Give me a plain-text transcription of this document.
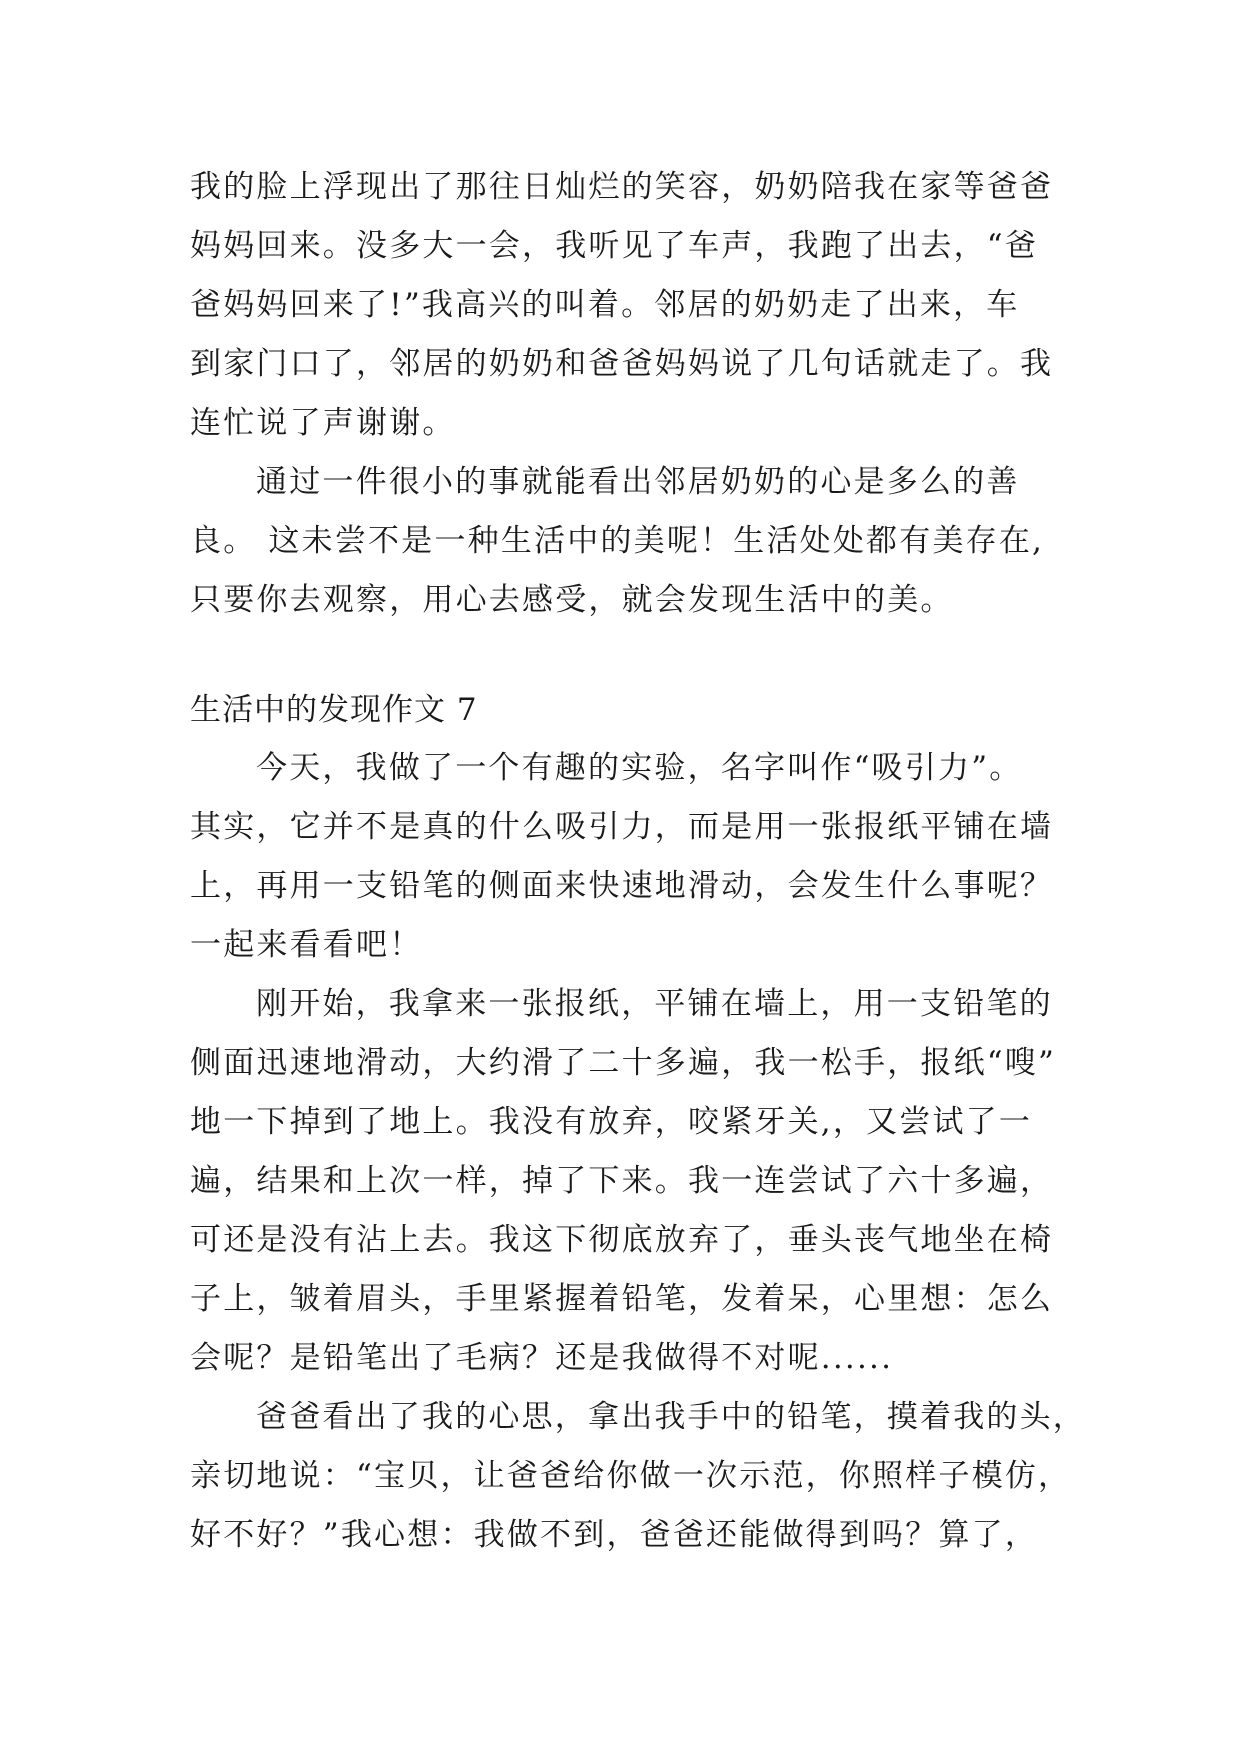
我的脸上浮现出了那往日灿烂的笑容，奶奶陪我在家等爸爸
妈妈回来。没多大一会，我听见了车声，我跑了出去，“爸
爸妈妈回来了!”我高兴的叫着。邻居的奶奶走了出来，车
到家门口了，邻居的奶奶和爸爸妈妈说了几句话就走了。我
连忙说了声谢谢。
通过一件很小的事就能看出邻居奶奶的心是多么的善
良。 这未尝不是一种生活中的美呢！生活处处都有美存在,
只要你去观察，用心去感受，就会发现生活中的美。
生活中的发现作文 7
今天，我做了一个有趣的实验，名字叫作“吸引力”。
其实，它并不是真的什么吸引力，而是用一张报纸平铺在墙
上，再用一支铅笔的侧面来快速地滑动，会发生什么事呢？
一起来看看吧！
刚开始，我拿来一张报纸，平铺在墙上，用一支铅笔的
侧面迅速地滑动，大约滑了二十多遍，我一松手，报纸“嗖”
地一下掉到了地上。我没有放弃，咬紧牙关,，又尝试了一
遍，结果和上次一样，掉了下来。我一连尝试了六十多遍，
可还是没有沾上去。我这下彻底放弃了，垂头丧气地坐在椅
子上，皱着眉头，手里紧握着铅笔，发着呆，心里想：怎么
会呢？是铅笔出了毛病？还是我做得不对呢......
爸爸看出了我的心思，拿出我手中的铅笔，摸着我的头，
亲切地说：“宝贝，让爸爸给你做一次示范，你照样子模仿，
好不好？”我心想：我做不到，爸爸还能做得到吗？算了，
